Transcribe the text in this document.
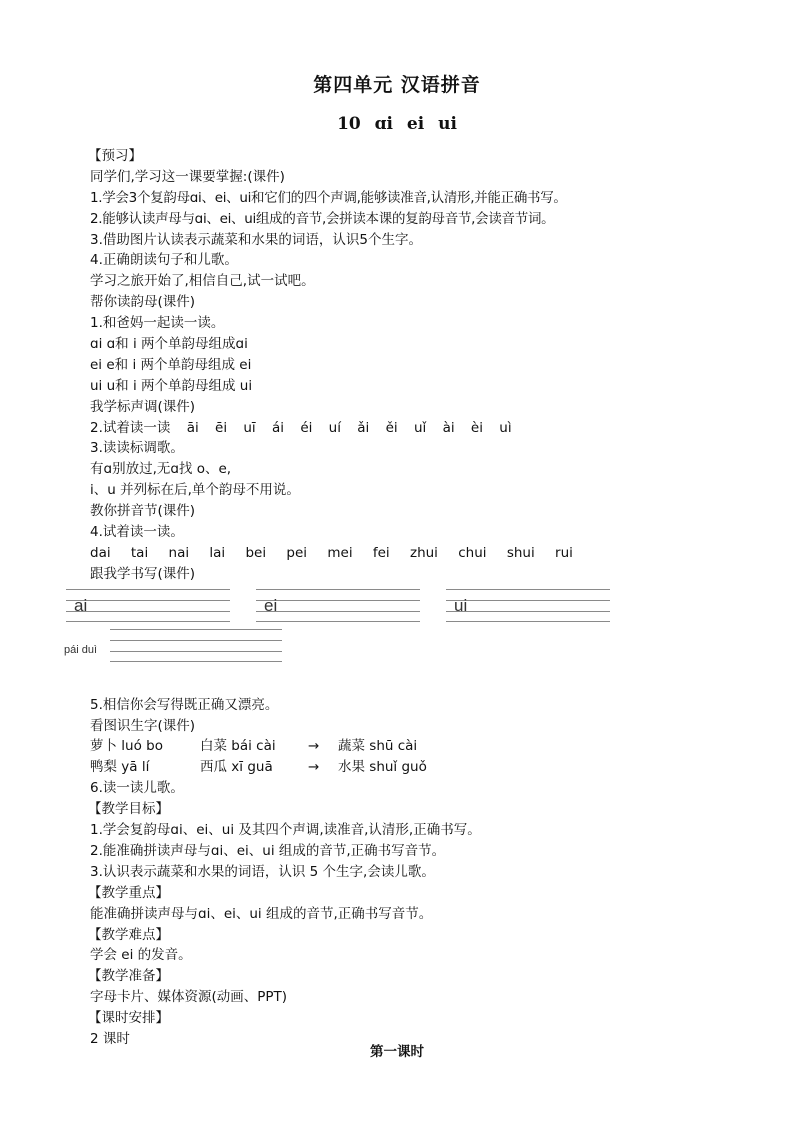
第四单元 汉语拼音
10 ɑi ei ui
【预习】
同学们,学习这一课要掌握:(课件)
1.学会3个复韵母ɑi、ei、ui和它们的四个声调,能够读准音,认清形,并能正确书写。
2.能够认读声母与ɑi、ei、ui组成的音节,会拼读本课的复韵母音节,会读音节词。
3.借助图片认读表示蔬菜和水果的词语，认识5个生字。
4.正确朗读句子和儿歌。
学习之旅开始了,相信自己,试一试吧。
帮你读韵母(课件)
1.和爸妈一起读一读。
ɑi ɑ和 i 两个单韵母组成ɑi
ei e和 i 两个单韵母组成 ei
ui u和 i 两个单韵母组成 ui
我学标声调(课件)
2.试着读一读 āi ēi uī ái éi uí ǎi ěi uǐ ài èi uì
3.读读标调歌。
有ɑ别放过,无ɑ找 o、e,
i、u 并列标在后,单个韵母不用说。
教你拼音节(课件)
4.试着读一读。
dai tai nai lai bei pei mei fei zhui chui shui rui
跟我学书写(课件)
ai	ei	ui
pái duì
5.相信你会写得既正确又漂亮。
看图识生字(课件)
萝卜 luó bo	白菜 bái cài → 蔬菜 shū cài
鸭梨 yā lí	西瓜 xī guā	→ 水果 shuǐ guǒ
6.读一读儿歌。
【教学目标】
1.学会复韵母ɑi、ei、ui 及其四个声调,读准音,认清形,正确书写。
2.能准确拼读声母与ɑi、ei、ui 组成的音节,正确书写音节。
3.认识表示蔬菜和水果的词语，认识 5 个生字,会读儿歌。
【教学重点】
能准确拼读声母与ɑi、ei、ui 组成的音节,正确书写音节。
【教学难点】
学会 ei 的发音。
【教学准备】
字母卡片、媒体资源(动画、PPT)
【课时安排】
2 课时
第一课时
